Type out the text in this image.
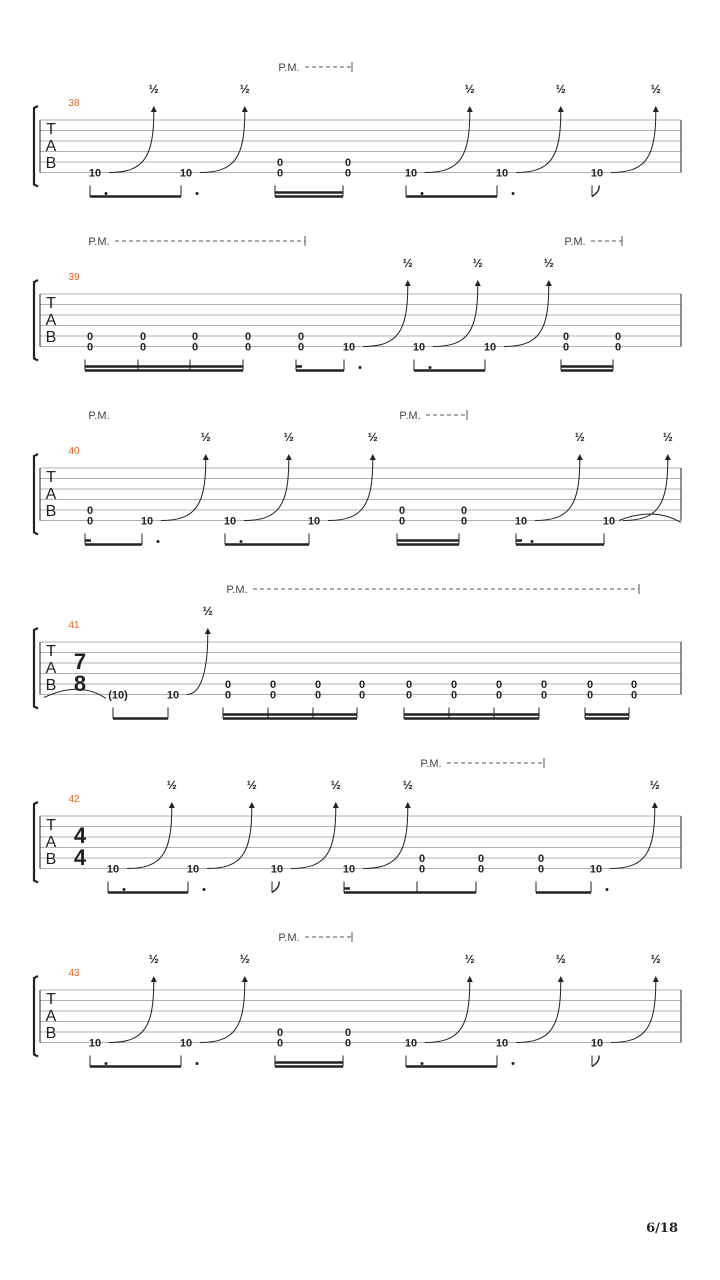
T
A
B
38
10
½
10
½
0
0
0
0	10
½
10
½
10
½
P.M.
T
A
B
39
0
0
0
0
0
0
0
0
0
0	10
½
10
½
10
½
0
0
0
0
P.M.	P.M.
T
A
B
40
0
0	10
½
10
½
10
½
0
0
0
0	10
½
10
½
P.M.	P.M.
T
A
B
41
7
8 (10)	10
½
0
0
0
0
0
0
0
0
0
0
0
0
0
0
0
0
0
0
0
0
P.M.
T
A
B
42
4
4 10
½
10
½
10
½
10
½
0
0
0
0
0
0	10
½
P.M.
T
A
B
43
10
½
10
½
0
0
0
0	10
½
10
½
10
½
P.M.
6/18
